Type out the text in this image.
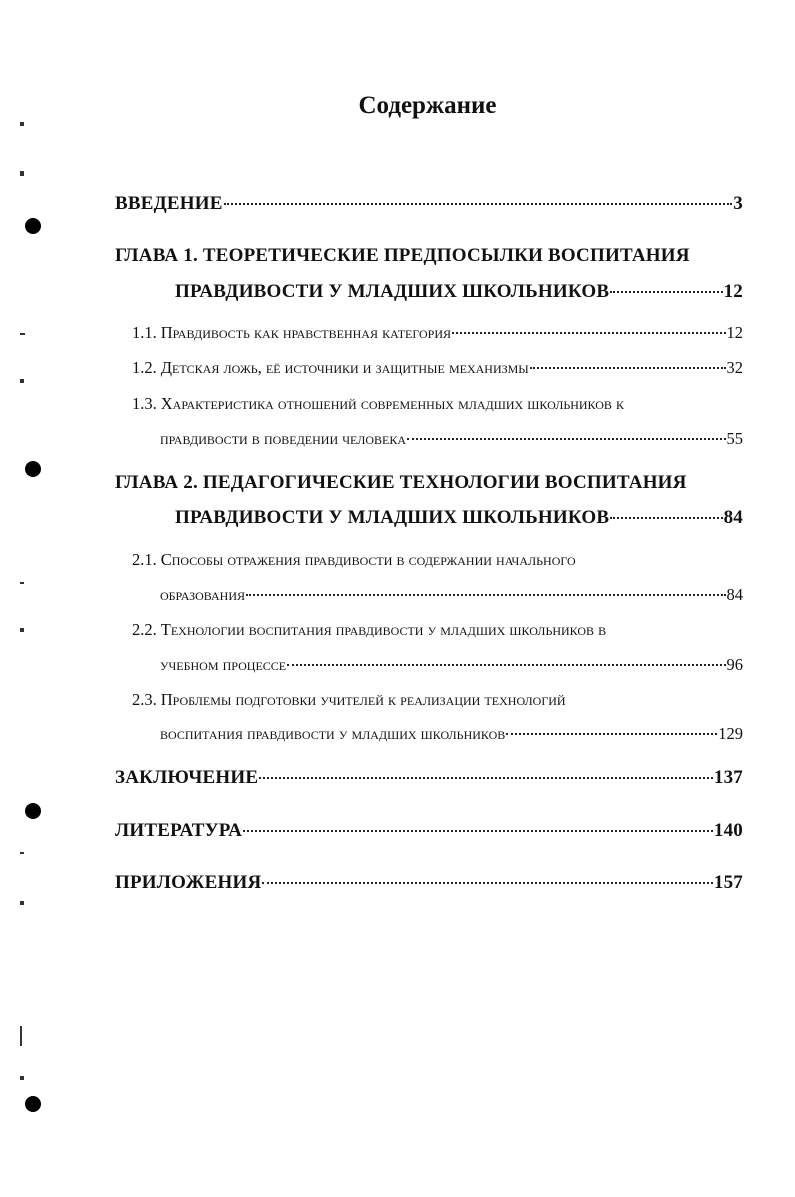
Содержание
ВВЕДЕНИЕ	3
ГЛАВА 1. ТЕОРЕТИЧЕСКИЕ ПРЕДПОСЫЛКИ ВОСПИТАНИЯ
ПРАВДИВОСТИ У МЛАДШИХ ШКОЛЬНИКОВ	12
1.1. Правдивость как нравственная категория	12
1.2. Детская ложь, её источники и защитные механизмы	32
1.3. Характеристика отношений современных младших школьников к
правдивости в поведении человека	55
ГЛАВА 2. ПЕДАГОГИЧЕСКИЕ ТЕХНОЛОГИИ ВОСПИТАНИЯ
ПРАВДИВОСТИ У МЛАДШИХ ШКОЛЬНИКОВ	84
2.1. Способы отражения правдивости в содержании начального
образования	84
2.2. Технологии воспитания правдивости у младших школьников в
учебном процессе	96
2.3. Проблемы подготовки учителей к реализации технологий
воспитания правдивости у младших школьников	129
ЗАКЛЮЧЕНИЕ	137
ЛИТЕРАТУРА	140
ПРИЛОЖЕНИЯ	157
